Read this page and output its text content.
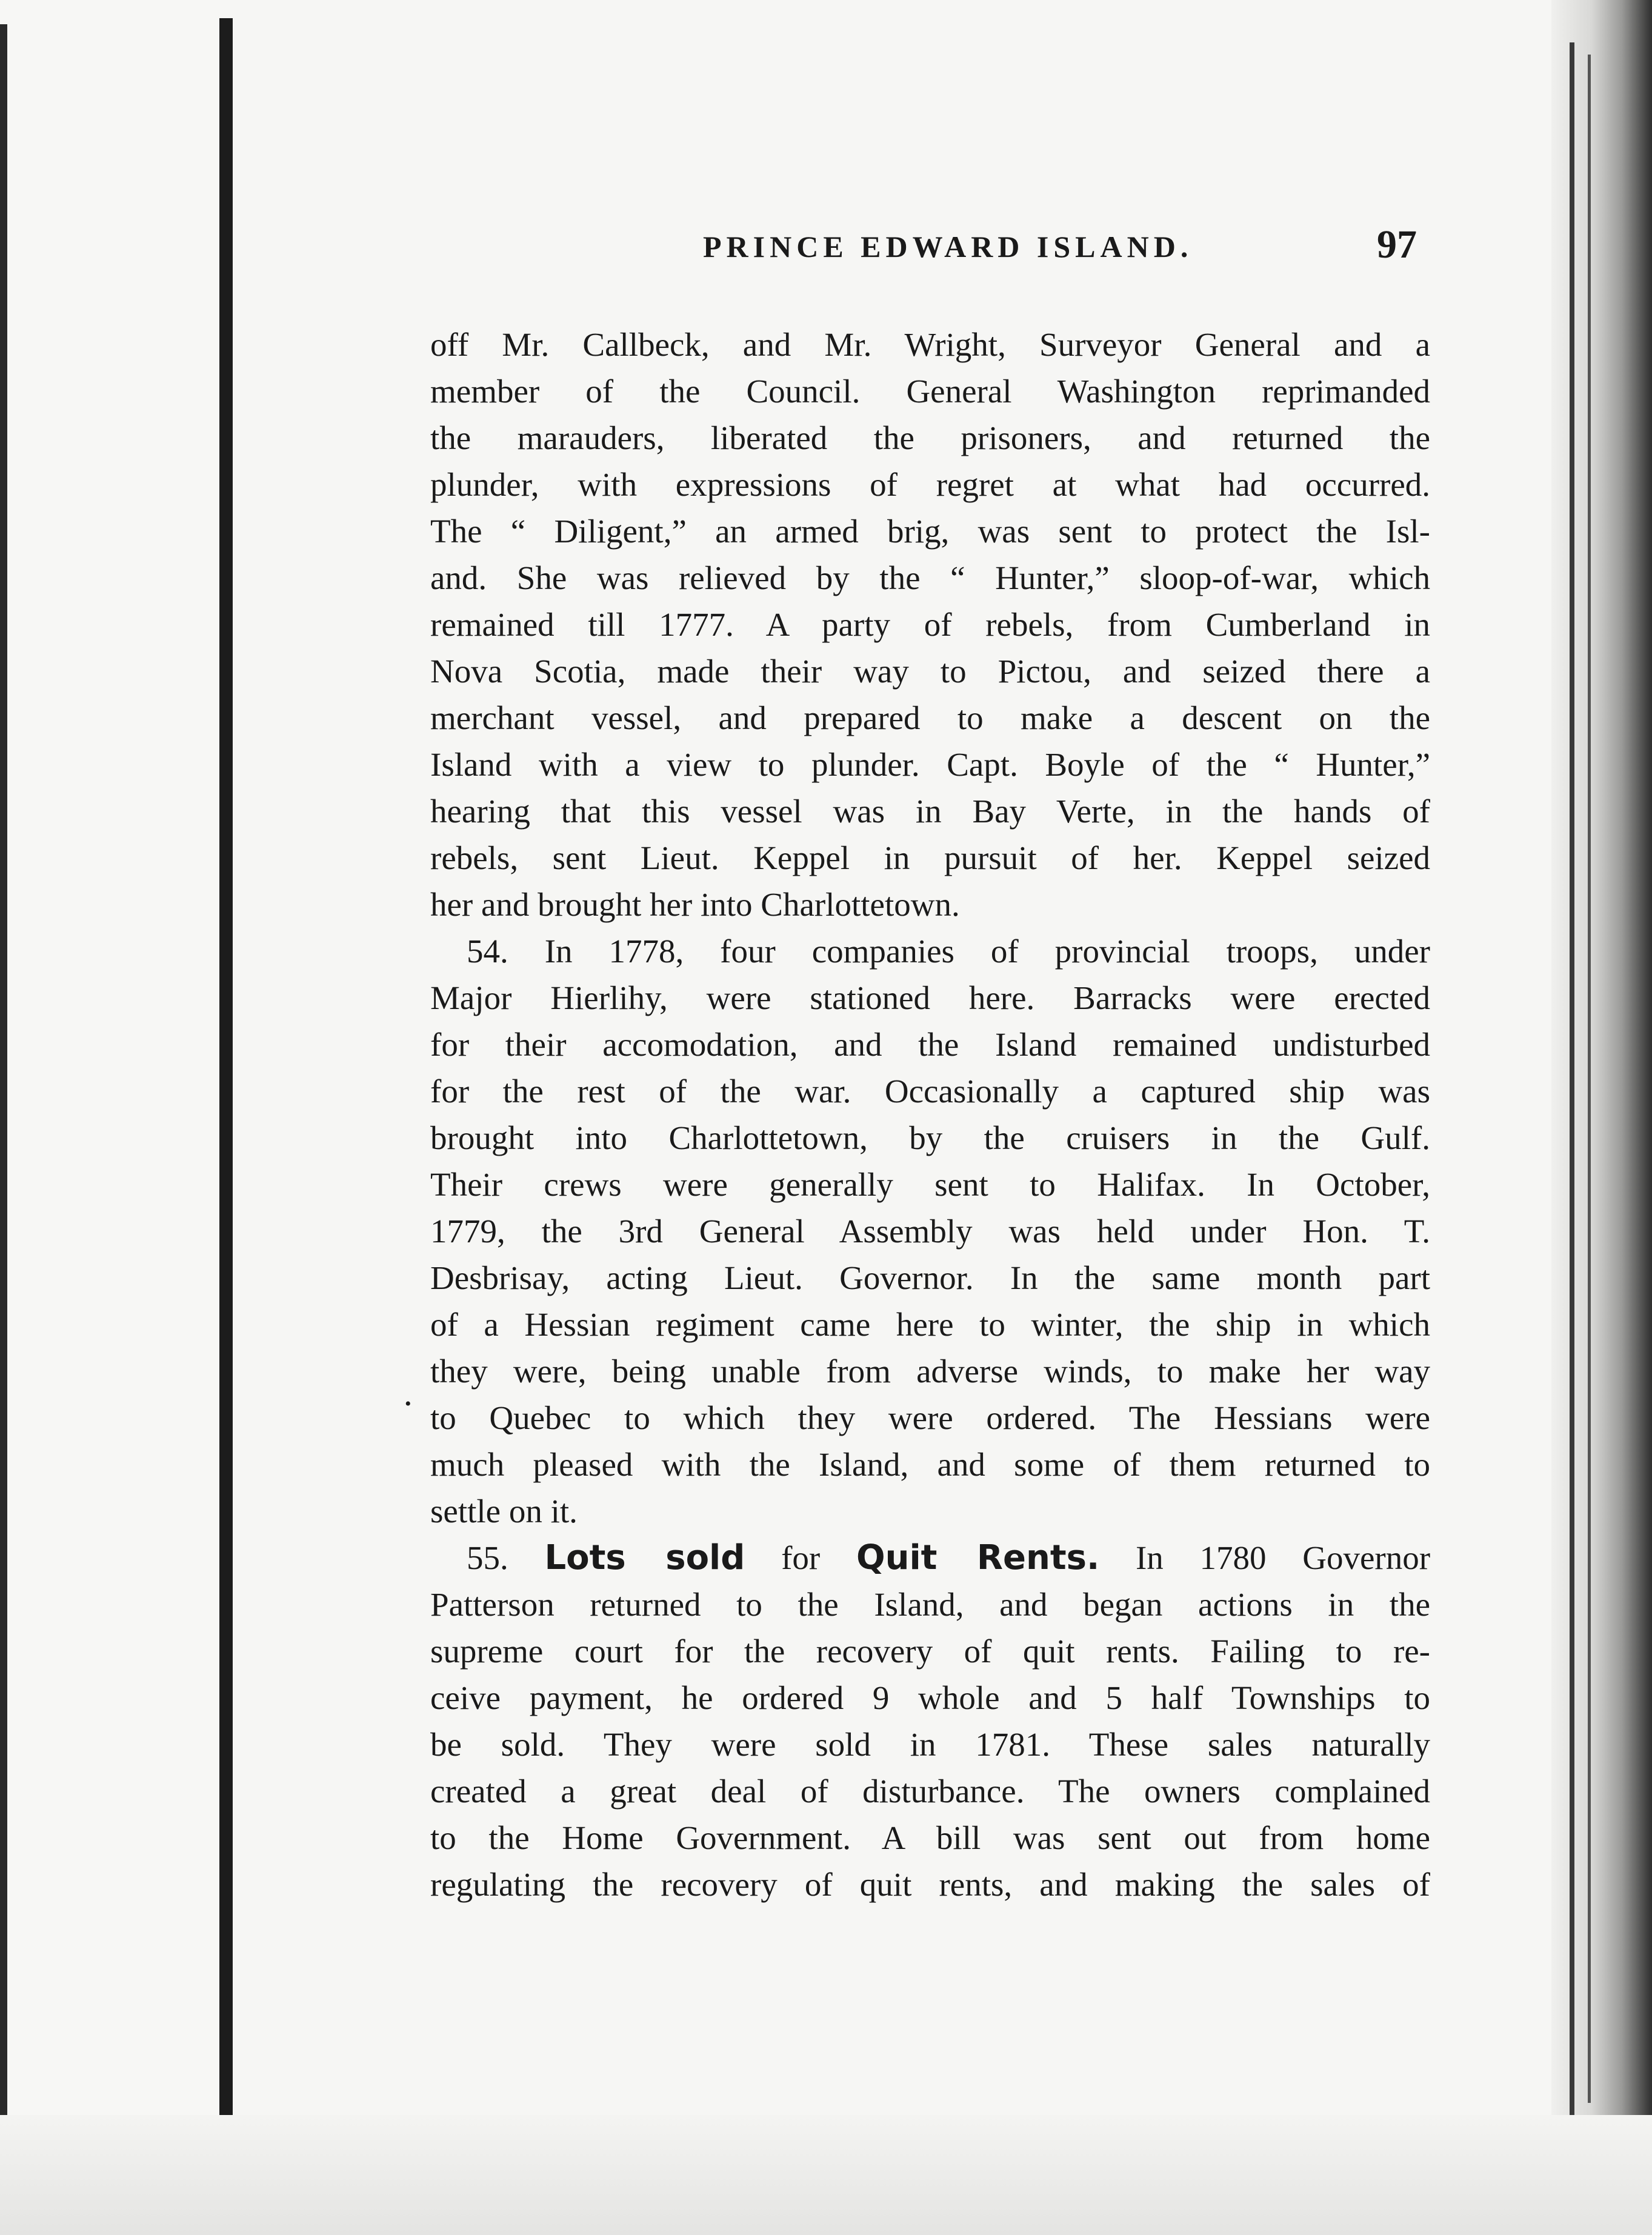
PRINCE EDWARD ISLAND.	97
off Mr. Callbeck, and Mr. Wright, Surveyor General and a
member of the Council. General Washington reprimanded
the marauders, liberated the prisoners, and returned the
plunder, with expressions of regret at what had occurred.
The “ Diligent,” an armed brig, was sent to protect the Isl-
and. She was relieved by the “ Hunter,” sloop-of-war, which
remained till 1777. A party of rebels, from Cumberland in
Nova Scotia, made their way to Pictou, and seized there a
merchant vessel, and prepared to make a descent on the
Island with a view to plunder. Capt. Boyle of the “ Hunter,”
hearing that this vessel was in Bay Verte, in the hands of
rebels, sent Lieut. Keppel in pursuit of her. Keppel seized
her and brought her into Charlottetown.
54. In 1778, four companies of provincial troops, under
Major Hierlihy, were stationed here. Barracks were erected
for their accomodation, and the Island remained undisturbed
for the rest of the war. Occasionally a captured ship was
brought into Charlottetown, by the cruisers in the Gulf.
Their crews were generally sent to Halifax. In October,
1779, the 3rd General Assembly was held under Hon. T.
Desbrisay, acting Lieut. Governor. In the same month part
of a Hessian regiment came here to winter, the ship in which
they were, being unable from adverse winds, to make her way
to Quebec to which they were ordered. The Hessians were
much pleased with the Island, and some of them returned to
settle on it.
55. Lots sold for Quit Rents. In 1780 Governor
Patterson returned to the Island, and began actions in the
supreme court for the recovery of quit rents. Failing to re-
ceive payment, he ordered 9 whole and 5 half Townships to
be sold. They were sold in 1781. These sales naturally
created a great deal of disturbance. The owners complained
to the Home Government. A bill was sent out from home
regulating the recovery of quit rents, and making the sales of
•
